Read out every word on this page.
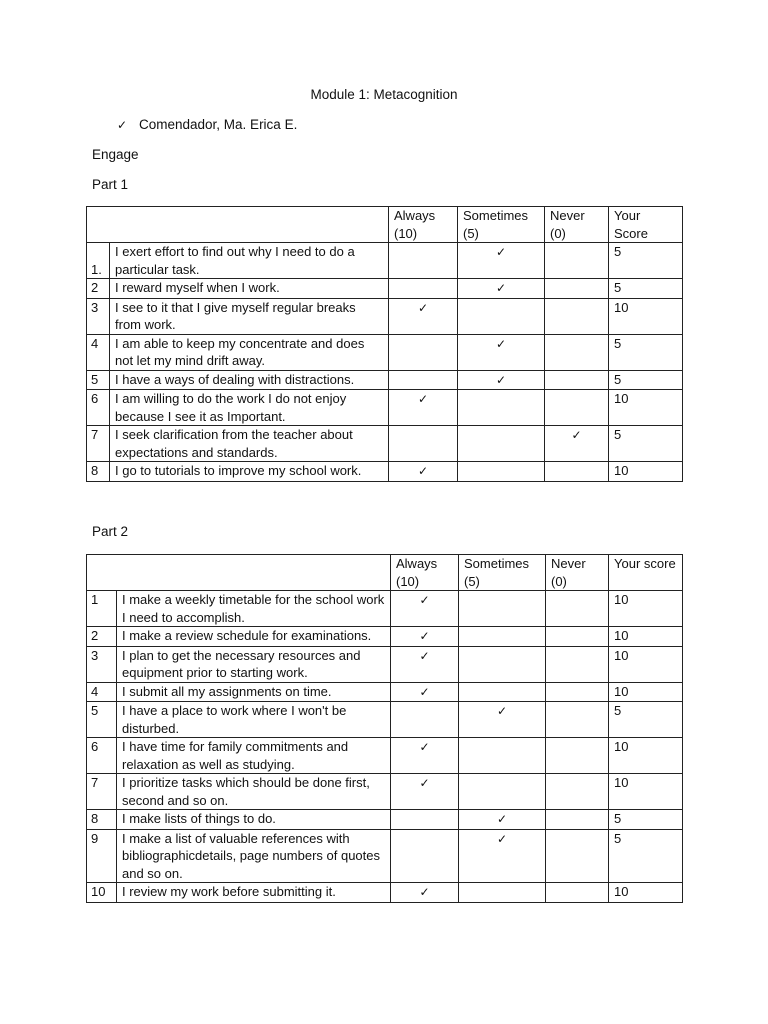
Module 1: Metacognition
✓ Comendador, Ma. Erica E.
Engage
Part 1
		Always (10)	Sometimes (5)	Never (0)	Your Score
1.	I exert effort to find out why I need to do a particular task.		✓		5
2	I reward myself when I work.		✓		5
3	I see to it that I give myself regular breaks from work.	✓			10
4	I am able to keep my concentrate and does not let my mind drift away.		✓		5
5	I have a ways of dealing with distractions.		✓		5
6	I am willing to do the work I do not enjoy because I see it as Important.	✓			10
7	I seek clarification from the teacher about expectations and standards.			✓	5
8	I go to tutorials to improve my school work.	✓			10
Part 2
		Always (10)	Sometimes (5)	Never (0)	Your score
1	I make a weekly timetable for the school work I need to accomplish.	✓			10
2	I make a review schedule for examinations.	✓			10
3	I plan to get the necessary resources and equipment prior to starting work.	✓			10
4	I submit all my assignments on time.	✓			10
5	I have a place to work where I won't be disturbed.		✓		5
6	I have time for family commitments and relaxation as well as studying.	✓			10
7	I prioritize tasks which should be done first, second and so on.	✓			10
8	I make lists of things to do.		✓		5
9	I make a list of valuable references with bibliographicdetails, page numbers of quotes and so on.		✓		5
10	I review my work before submitting it.	✓			10
